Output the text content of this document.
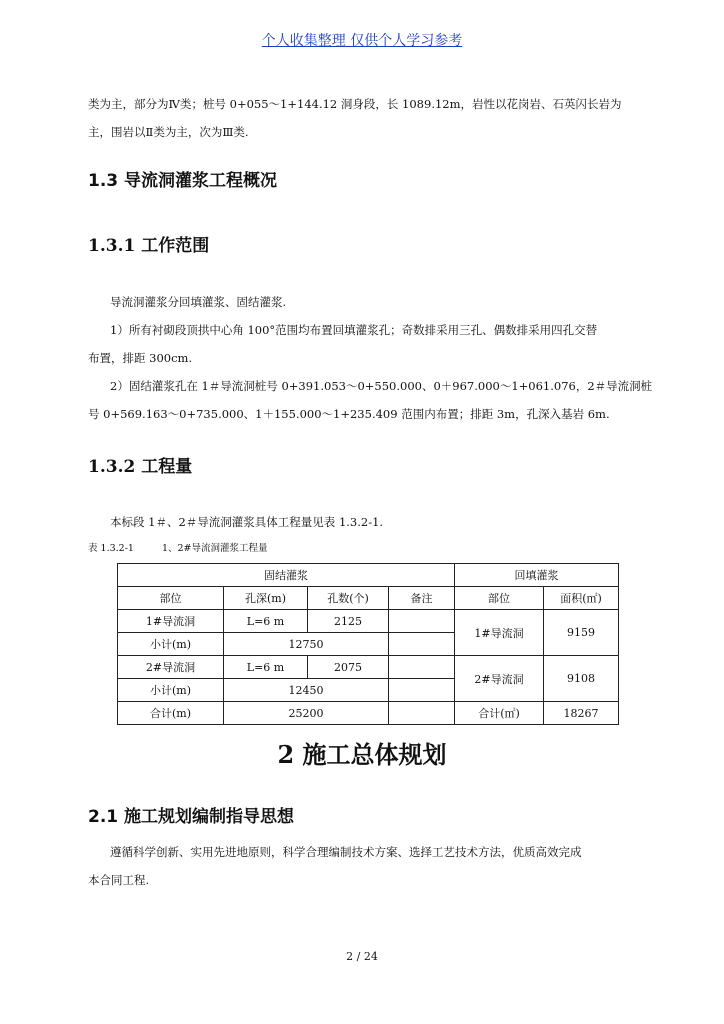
个人收集整理 仅供个人学习参考

类为主，部分为Ⅳ类；桩号 0+055～1+144.12 洞身段，长 1089.12m，岩性以花岗岩、石英闪长岩为

主，围岩以Ⅱ类为主，次为Ⅲ类.

1.3 导流洞灌浆工程概况
1.3.1 工作范围

导流洞灌浆分回填灌浆、固结灌浆.

1）所有衬砌段顶拱中心角 100°范围均布置回填灌浆孔；奇数排采用三孔、偶数排采用四孔交替

布置，排距 300cm.

2）固结灌浆孔在 1＃导流洞桩号 0+391.053～0+550.000、0＋967.000～1+061.076，2＃导流洞桩

号 0+569.163～0+735.000、1＋155.000～1+235.409 范围内布置；排距 3m，孔深入基岩 6m.

1.3.2 工程量

本标段 1＃、2＃导流洞灌浆具体工程量见表 1.3.2-1.

表 1.3.2-1	1、2#导流洞灌浆工程量
固结灌浆				回填灌浆	
部位	孔深(m)	孔数(个)	备注	部位	面积(㎡)
1#导流洞	L=6 m	2125		1#导流洞	9159
小计(m)	12750				
2#导流洞	L=6 m	2075		2#导流洞	9108
小计(m)	12450				
合计(m)	25200			合计(㎡)	18267
2 施工总体规划
2.1 施工规划编制指导思想

遵循科学创新、实用先进地原则，科学合理编制技术方案、选择工艺技术方法，优质高效完成

本合同工程.

2 / 24
